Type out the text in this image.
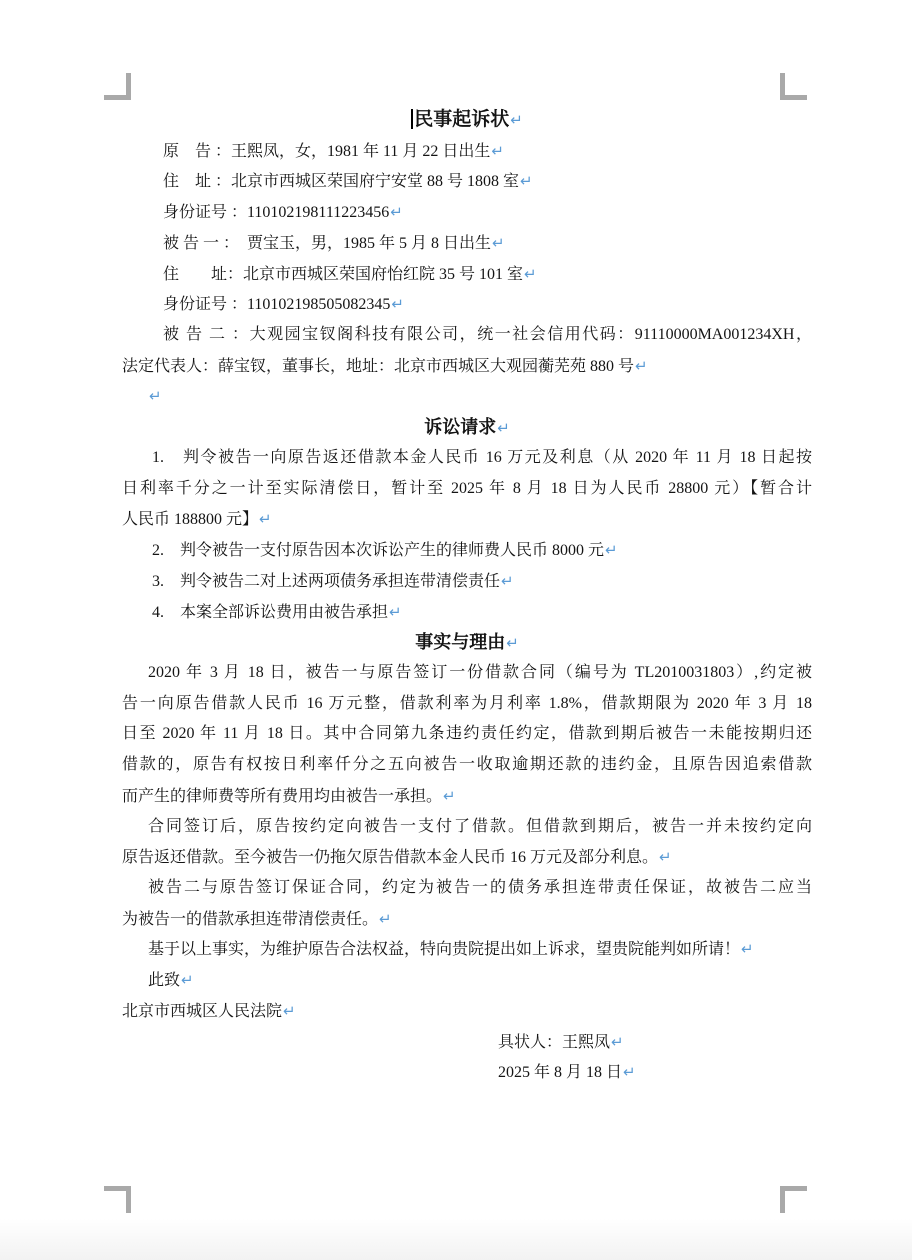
民事起诉状↵
原　告 ：王熙凤，女，1981 年 11 月 22 日出生↵
住　址 ：北京市西城区荣国府宁安堂 88 号 1808 室↵
身份证号 ：110102198111223456↵
被 告 一 ：　贾宝玉，男，1985 年 5 月 8 日出生↵
住　　址：北京市西城区荣国府怡红院 35 号 101 室↵
身份证号 ：110102198505082345↵
被 告 二 ：大观园宝钗阁科技有限公司，统一社会信用代码：91110000MA001234XH，
法定代表人：薛宝钗，董事长，地址：北京市西城区大观园蘅芜苑 880 号↵
↵
诉讼请求↵
1.　判令被告一向原告返还借款本金人民币 16 万元及利息（从 2020 年 11 月 18 日起按
日利率千分之一计至实际清偿日，暂计至 2025 年 8 月 18 日为人民币 28800 元）【暂合计
人民币 188800 元】↵
2.　判令被告一支付原告因本次诉讼产生的律师费人民币 8000 元↵
3.　判令被告二对上述两项债务承担连带清偿责任↵
4.　本案全部诉讼费用由被告承担↵
事实与理由↵
2020 年 3 月 18 日，被告一与原告签订一份借款合同（编号为 TL2010031803）,约定被
告一向原告借款人民币 16 万元整，借款利率为月利率 1.8%，借款期限为 2020 年 3 月 18
日至 2020 年 11 月 18 日。其中合同第九条违约责任约定，借款到期后被告一未能按期归还
借款的，原告有权按日利率仟分之五向被告一收取逾期还款的违约金，且原告因追索借款
而产生的律师费等所有费用均由被告一承担。↵
合同签订后，原告按约定向被告一支付了借款。但借款到期后，被告一并未按约定向
原告返还借款。至今被告一仍拖欠原告借款本金人民币 16 万元及部分利息。↵
被告二与原告签订保证合同，约定为被告一的债务承担连带责任保证，故被告二应当
为被告一的借款承担连带清偿责任。↵
基于以上事实，为维护原告合法权益，特向贵院提出如上诉求，望贵院能判如所请！↵
此致↵
北京市西城区人民法院↵
具状人：王熙凤↵
2025 年 8 月 18 日↵
